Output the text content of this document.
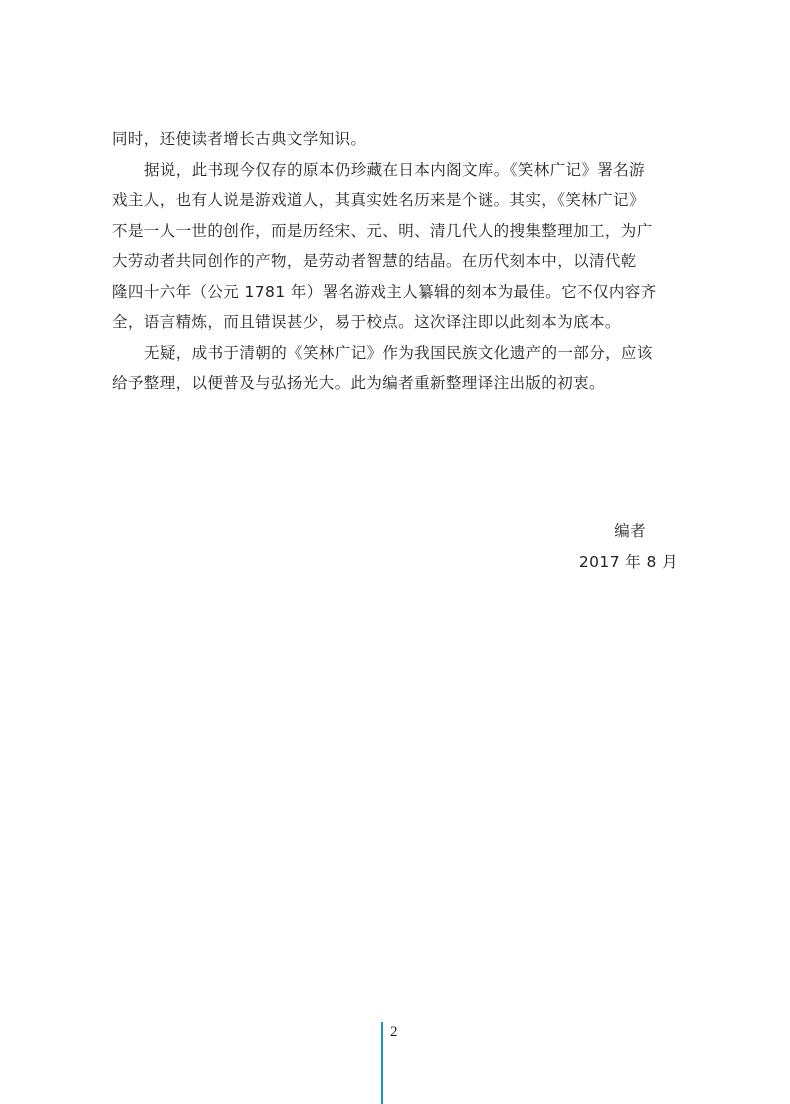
同时，还使读者增长古典文学知识。

据说，此书现今仅存的原本仍珍藏在日本内阁文库。《笑林广记》署名游
戏主人，也有人说是游戏道人，其真实姓名历来是个谜。其实，《笑林广记》
不是一人一世的创作，而是历经宋、元、明、清几代人的搜集整理加工，为广
大劳动者共同创作的产物，是劳动者智慧的结晶。在历代刻本中，以清代乾
隆四十六年（公元 1781 年）署名游戏主人纂辑的刻本为最佳。它不仅内容齐
全，语言精炼，而且错误甚少，易于校点。这次译注即以此刻本为底本。

无疑，成书于清朝的《笑林广记》作为我国民族文化遗产的一部分，应该
给予整理，以便普及与弘扬光大。此为编者重新整理译注出版的初衷。

编者
2017 年 8 月
2
